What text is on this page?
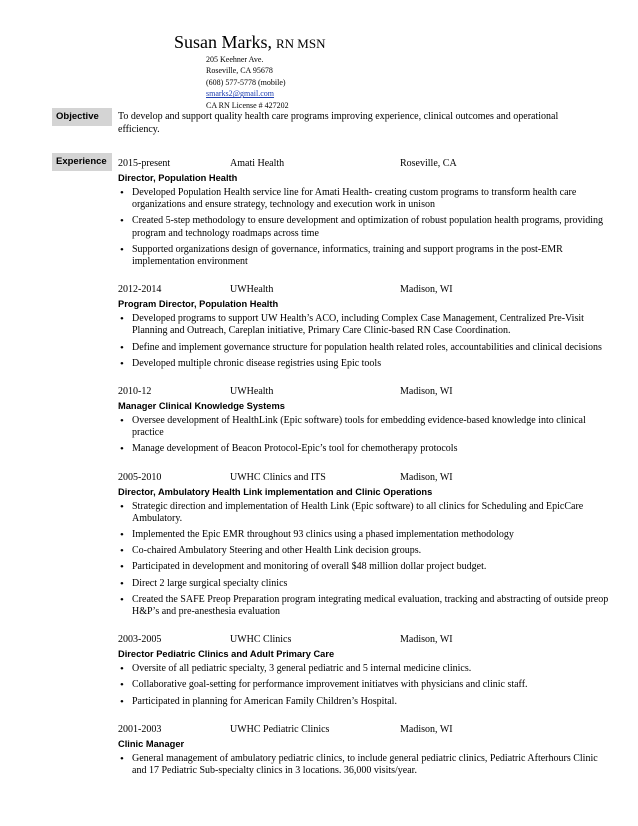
Susan Marks, RN MSN
205 Keehner Ave.
Roseville, CA 95678
(608) 577-5778 (mobile)
smarks2@gmail.com
CA RN License # 427202
Objective	To develop and support quality health care programs improving experience, clinical outcomes and operational efficiency.
Experience	2015-present	Amati Health	Roseville, CA
Director, Population Health
• Developed Population Health service line for Amati Health- creating custom programs to transform health care organizations and ensure strategy, technology and execution work in unison
• Created 5-step methodology to ensure development and optimization of robust population health programs, providing program and technology roadmaps across time
• Supported organizations design of governance, informatics, training and support programs in the post-EMR implementation environment
2012-2014	UWHealth	Madison, WI
Program Director, Population Health
• Developed programs to support UW Health’s ACO, including Complex Case Management, Centralized Pre-Visit Planning and Outreach, Careplan initiative, Primary Care Clinic-based RN Case Coordination.
• Define and implement governance structure for population health related roles, accountabilities and clinical decisions
• Developed multiple chronic disease registries using Epic tools
2010-12	UWHealth	Madison, WI
Manager Clinical Knowledge Systems
• Oversee development of HealthLink (Epic software) tools for embedding evidence-based knowledge into clinical practice
• Manage development of Beacon Protocol-Epic’s tool for chemotherapy protocols
2005-2010	UWHC Clinics and ITS	Madison, WI
Director, Ambulatory Health Link implementation and Clinic Operations
• Strategic direction and implementation of Health Link (Epic software) to all clinics for Scheduling and EpicCare Ambulatory.
• Implemented the Epic EMR throughout 93 clinics using a phased implementation methodology
• Co-chaired Ambulatory Steering and other Health Link decision groups.
• Participated in development and monitoring of overall $48 million dollar project budget.
• Direct 2 large surgical specialty clinics
• Created the SAFE Preop Preparation program integrating medical evaluation, tracking and abstracting of outside preop H&P’s and pre-anesthesia evaluation
2003-2005	UWHC Clinics	Madison, WI
Director Pediatric Clinics and Adult Primary Care
• Oversite of all pediatric specialty, 3 general pediatric and 5 internal medicine clinics.
• Collaborative goal-setting for performance improvement initiatves with physicians and clinic staff.
• Participated in planning for American Family Children’s Hospital.
2001-2003	UWHC Pediatric Clinics	Madison, WI
Clinic Manager
• General management of ambulatory pediatric clinics, to include general pediatric clinics, Pediatric Afterhours Clinic and 17 Pediatric Sub-specialty clinics in 3 locations. 36,000 visits/year.
